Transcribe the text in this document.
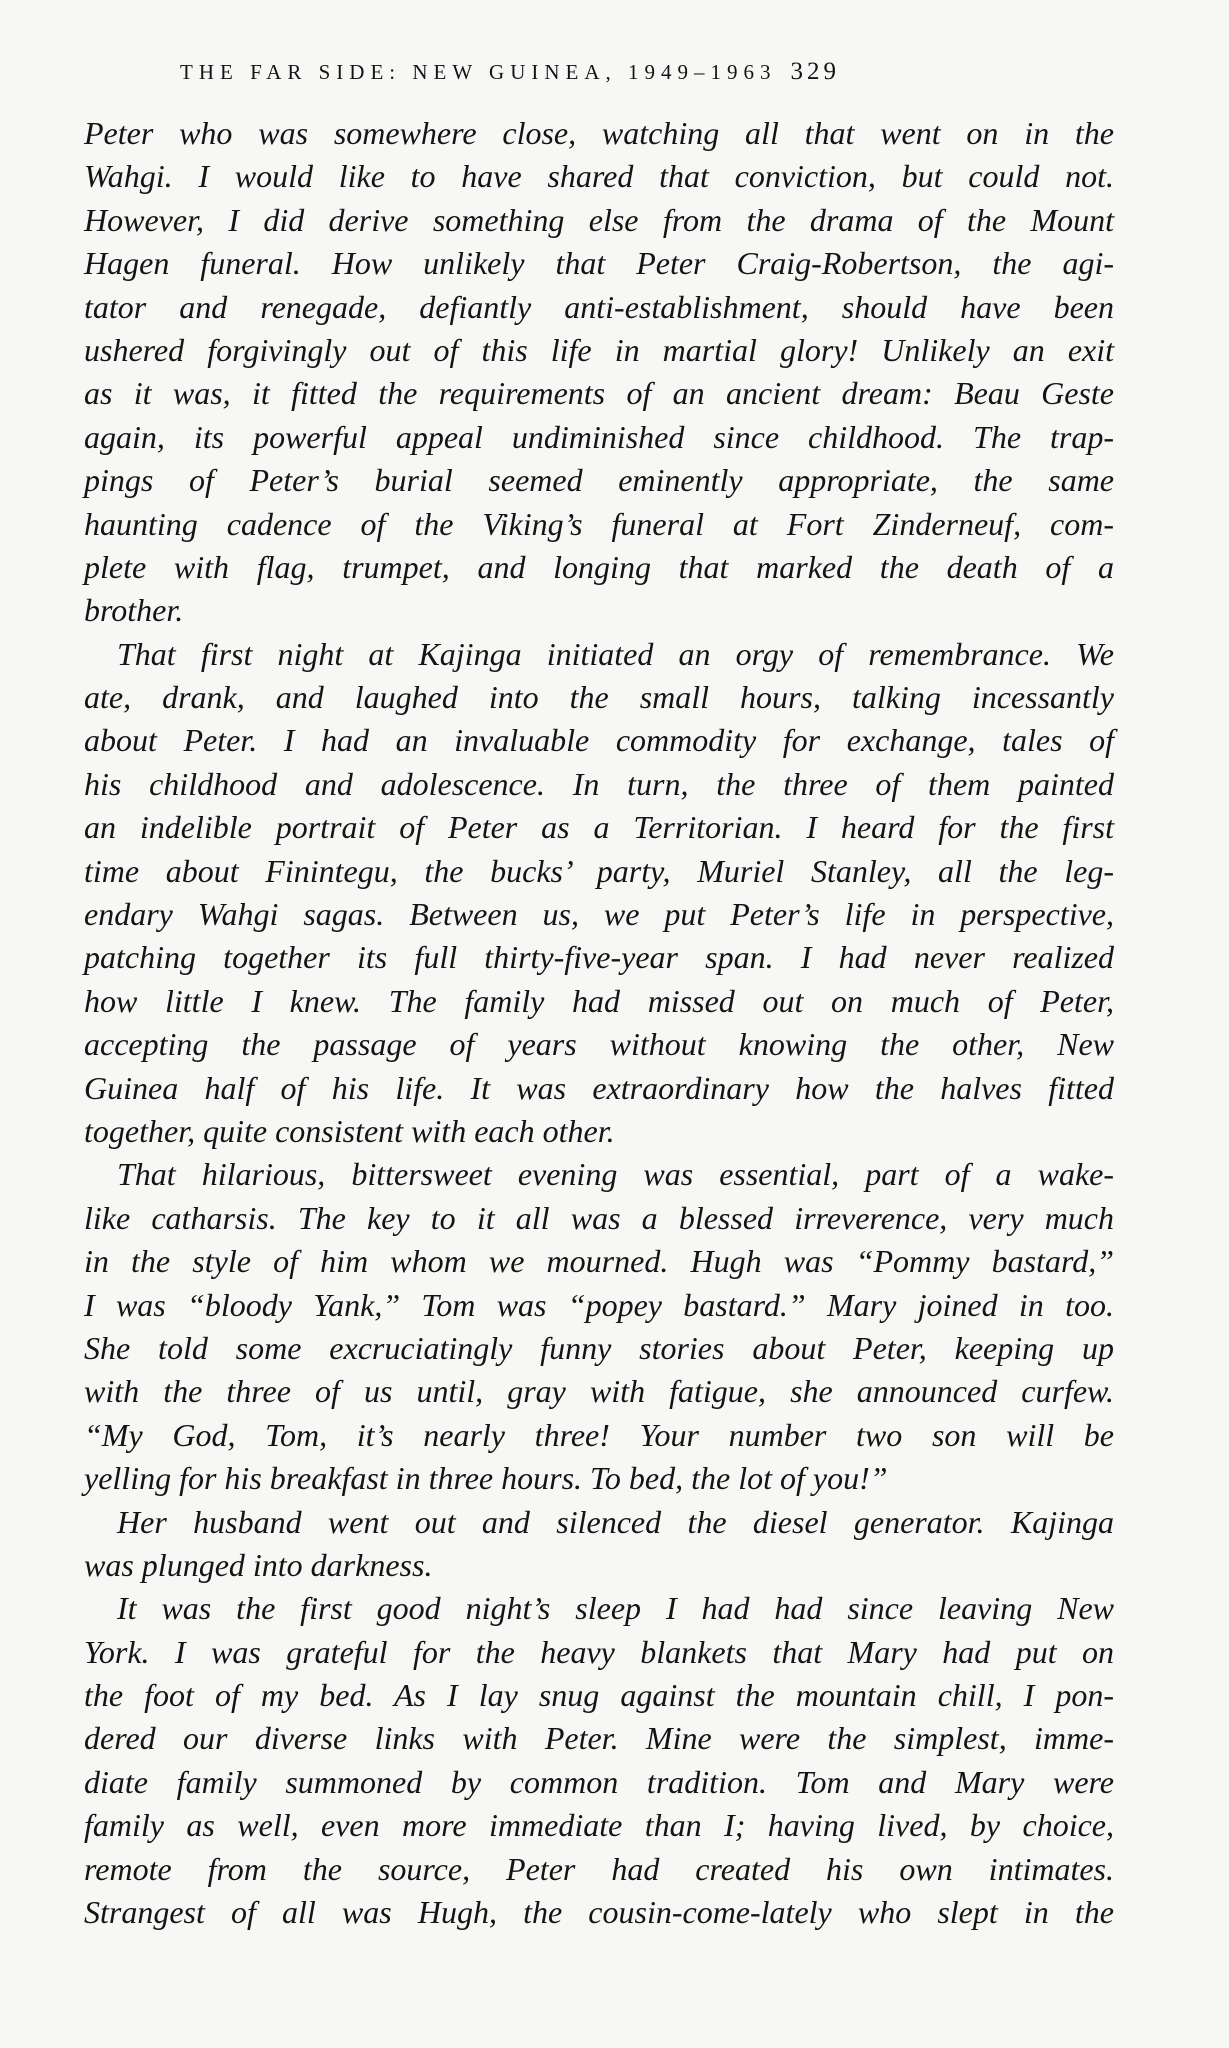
THE FAR SIDE: NEW GUINEA, 1949–1963 329
Peter who was somewhere close, watching all that went on in the
Wahgi. I would like to have shared that conviction, but could not.
However, I did derive something else from the drama of the Mount
Hagen funeral. How unlikely that Peter Craig-Robertson, the agi-
tator and renegade, defiantly anti-establishment, should have been
ushered forgivingly out of this life in martial glory! Unlikely an exit
as it was, it fitted the requirements of an ancient dream: Beau Geste
again, its powerful appeal undiminished since childhood. The trap-
pings of Peter’s burial seemed eminently appropriate, the same
haunting cadence of the Viking’s funeral at Fort Zinderneuf, com-
plete with flag, trumpet, and longing that marked the death of a
brother.
That first night at Kajinga initiated an orgy of remembrance. We
ate, drank, and laughed into the small hours, talking incessantly
about Peter. I had an invaluable commodity for exchange, tales of
his childhood and adolescence. In turn, the three of them painted
an indelible portrait of Peter as a Territorian. I heard for the first
time about Finintegu, the bucks’ party, Muriel Stanley, all the leg-
endary Wahgi sagas. Between us, we put Peter’s life in perspective,
patching together its full thirty-five-year span. I had never realized
how little I knew. The family had missed out on much of Peter,
accepting the passage of years without knowing the other, New
Guinea half of his life. It was extraordinary how the halves fitted
together, quite consistent with each other.
That hilarious, bittersweet evening was essential, part of a wake-
like catharsis. The key to it all was a blessed irreverence, very much
in the style of him whom we mourned. Hugh was “Pommy bastard,”
I was “bloody Yank,” Tom was “popey bastard.” Mary joined in too.
She told some excruciatingly funny stories about Peter, keeping up
with the three of us until, gray with fatigue, she announced curfew.
“My God, Tom, it’s nearly three! Your number two son will be
yelling for his breakfast in three hours. To bed, the lot of you!”
Her husband went out and silenced the diesel generator. Kajinga
was plunged into darkness.
It was the first good night’s sleep I had had since leaving New
York. I was grateful for the heavy blankets that Mary had put on
the foot of my bed. As I lay snug against the mountain chill, I pon-
dered our diverse links with Peter. Mine were the simplest, imme-
diate family summoned by common tradition. Tom and Mary were
family as well, even more immediate than I; having lived, by choice,
remote from the source, Peter had created his own intimates.
Strangest of all was Hugh, the cousin-come-lately who slept in the
